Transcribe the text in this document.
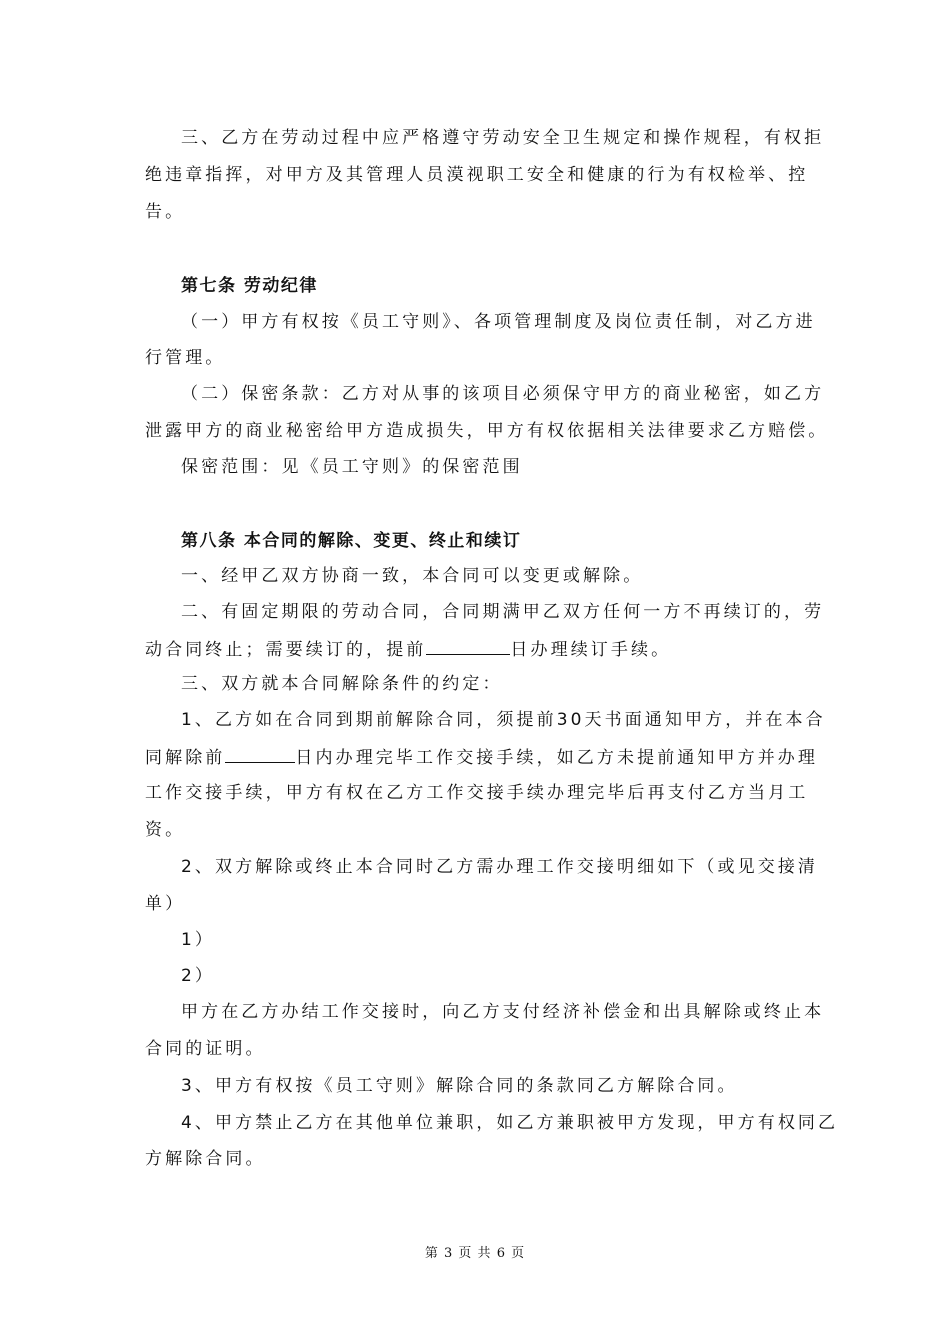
三、乙方在劳动过程中应严格遵守劳动安全卫生规定和操作规程，有权拒
绝违章指挥，对甲方及其管理人员漠视职工安全和健康的行为有权检举、控
告。
第七条 劳动纪律
（一）甲方有权按《员工守则》、各项管理制度及岗位责任制，对乙方进
行管理。
（二）保密条款：乙方对从事的该项目必须保守甲方的商业秘密，如乙方
泄露甲方的商业秘密给甲方造成损失，甲方有权依据相关法律要求乙方赔偿。
保密范围：见《员工守则》的保密范围
第八条 本合同的解除、变更、终止和续订
一、经甲乙双方协商一致，本合同可以变更或解除。
二、有固定期限的劳动合同，合同期满甲乙双方任何一方不再续订的，劳
动合同终止；需要续订的，提前	日办理续订手续。
三、双方就本合同解除条件的约定：
1、乙方如在合同到期前解除合同，须提前30天书面通知甲方，并在本合
同解除前	日内办理完毕工作交接手续，如乙方未提前通知甲方并办理
工作交接手续，甲方有权在乙方工作交接手续办理完毕后再支付乙方当月工
资。
2、双方解除或终止本合同时乙方需办理工作交接明细如下（或见交接清
单）
1）
2）
甲方在乙方办结工作交接时，向乙方支付经济补偿金和出具解除或终止本
合同的证明。
3、甲方有权按《员工守则》解除合同的条款同乙方解除合同。
4、甲方禁止乙方在其他单位兼职，如乙方兼职被甲方发现，甲方有权同乙
方解除合同。
第 3 页 共 6 页
